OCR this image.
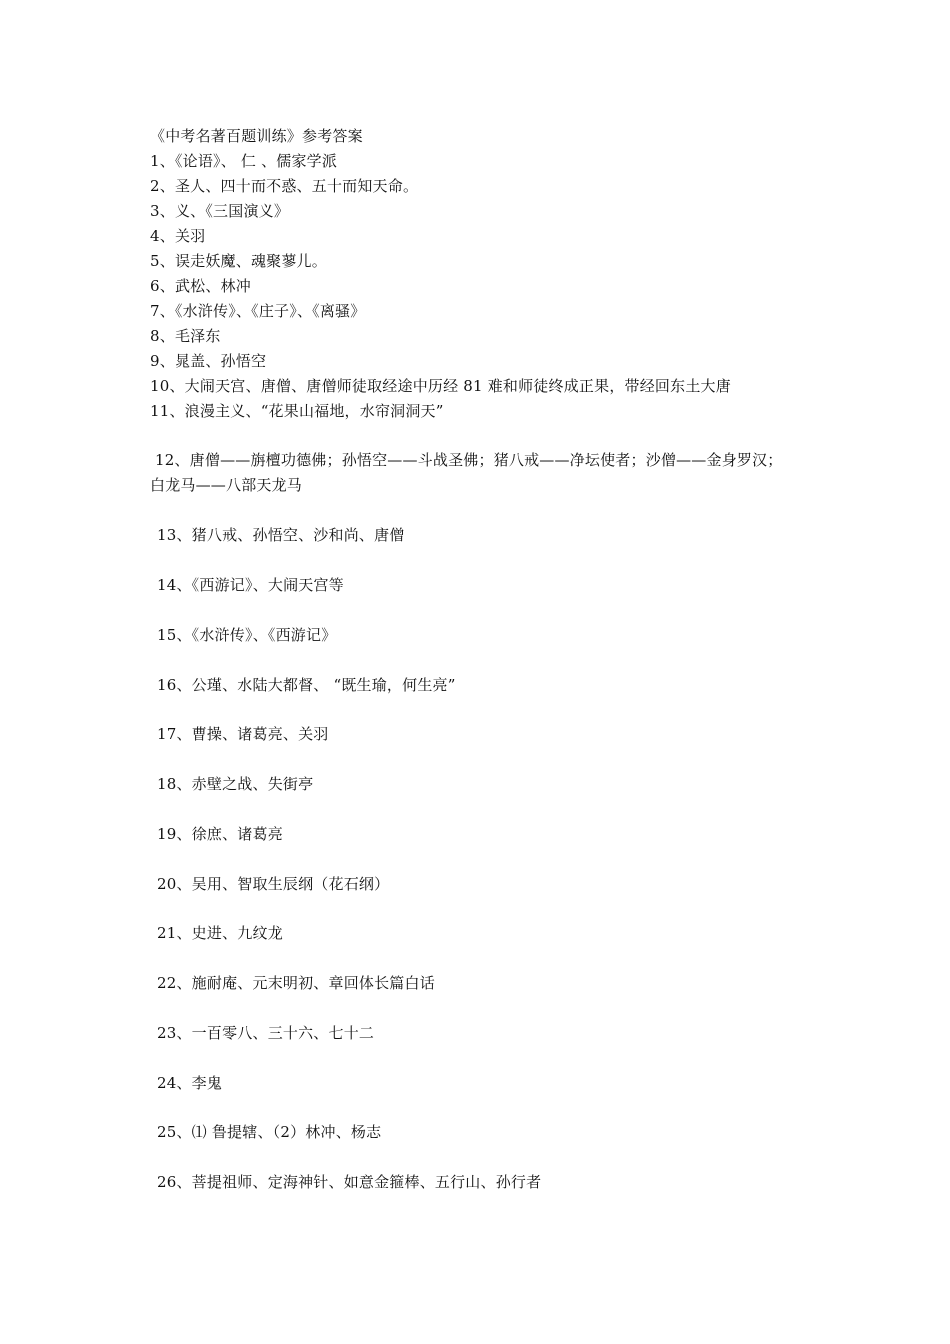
《中考名著百题训练》参考答案
1、《论语》、 仁 、儒家学派
2、圣人、四十而不惑、五十而知天命。
3、义、《三国演义》
4、关羽
5、误走妖魔、魂聚蓼儿。
6、武松、林冲
7、《水浒传》、《庄子》、《离骚》
8、毛泽东
9、晁盖、孙悟空
10、大闹天宫、唐僧、唐僧师徒取经途中历经 81 难和师徒终成正果，带经回东土大唐
11、浪漫主义、“花果山福地，水帘洞洞天”
12、唐僧——旃檀功德佛；孙悟空——斗战圣佛；猪八戒——净坛使者；沙僧——金身罗汉；
白龙马——八部天龙马
13、猪八戒、孙悟空、沙和尚、唐僧
14、《西游记》、大闹天宫等
15、《水浒传》、《西游记》
16、公瑾、水陆大都督、 “既生瑜，何生亮”
17、曹操、诸葛亮、关羽
18、赤壁之战、失街亭
19、徐庶、诸葛亮
20、吴用、智取生辰纲（花石纲）
21、史进、九纹龙
22、施耐庵、元末明初、章回体长篇白话
23、一百零八、三十六、七十二
24、李鬼
25、⑴ 鲁提辖、（2）林冲、杨志
26、菩提祖师、定海神针、如意金箍棒、五行山、孙行者
